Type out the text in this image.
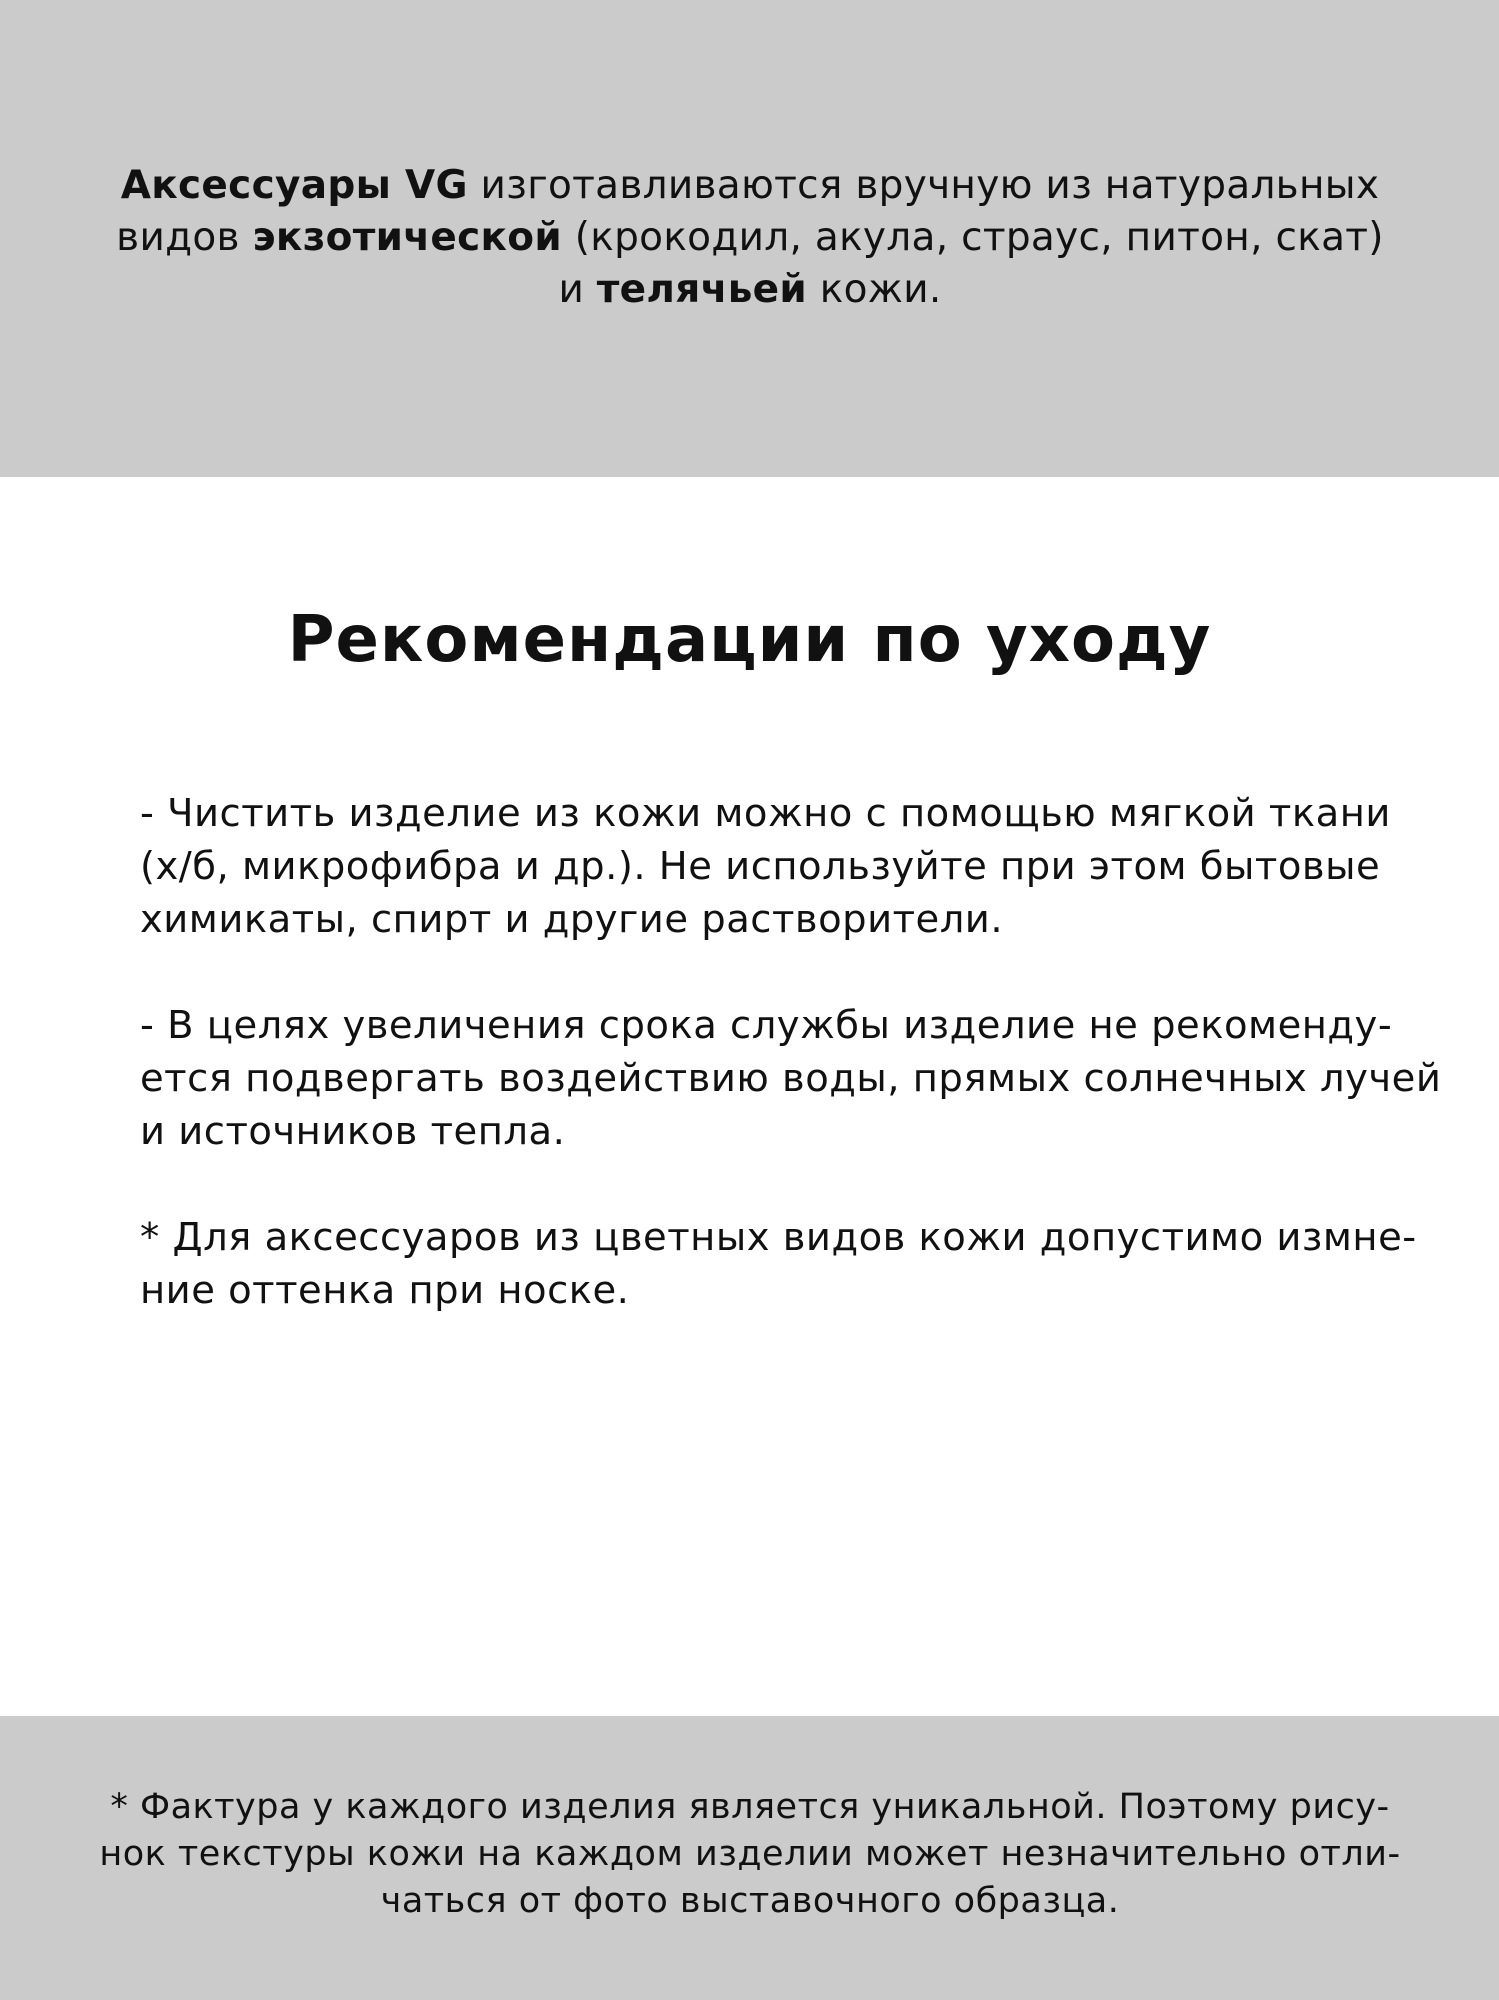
Аксессуары VG изготавливаются вручную из натуральных
видов экзотической (крокодил, акула, страус, питон, скат)
и телячьей кожи.
Рекомендации по уходу
- Чистить изделие из кожи можно с помощью мягкой ткани
(х/б, микрофибра и др.). Не используйте при этом бытовые
химикаты, спирт и другие растворители.
- В целях увеличения срока службы изделие не рекоменду-
ется подвергать воздействию воды, прямых солнечных лучей
и источников тепла.
* Для аксессуаров из цветных видов кожи допустимо измне-
ние оттенка при носке.
* Фактура у каждого изделия является уникальной. Поэтому рису-
нок текстуры кожи на каждом изделии может незначительно отли-
чаться от фото выставочного образца.
